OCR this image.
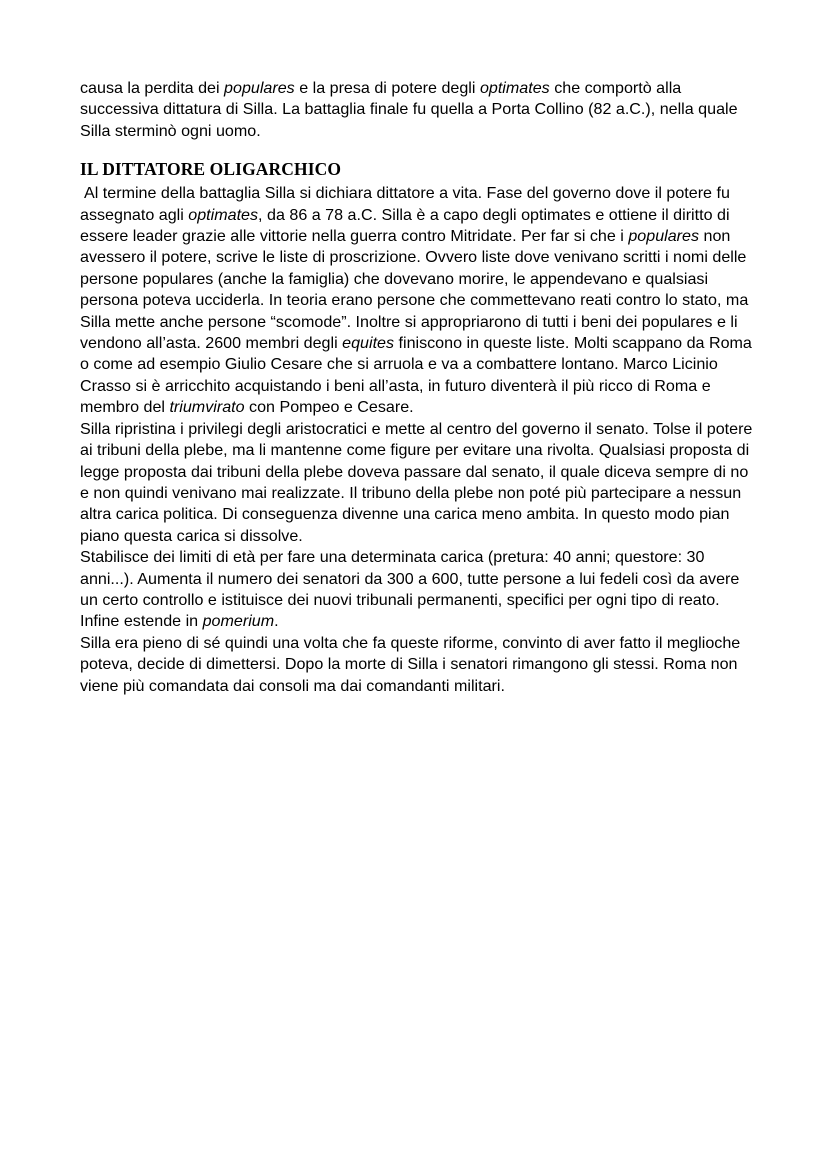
causa la perdita dei populares e la presa di potere degli optimates che comportò alla successiva dittatura di Silla. La battaglia finale fu quella a Porta Collino (82 a.C.), nella quale Silla sterminò ogni uomo.

IL DITTATORE OLIGARCHICO

Al termine della battaglia Silla si dichiara dittatore a vita. Fase del governo dove il potere fu assegnato agli optimates, da 86 a 78 a.C. Silla è a capo degli optimates e ottiene il diritto di essere leader grazie alle vittorie nella guerra contro Mitridate. Per far si che i populares non avessero il potere, scrive le liste di proscrizione. Ovvero liste dove venivano scritti i nomi delle persone populares (anche la famiglia) che dovevano morire, le appendevano e qualsiasi persona poteva ucciderla. In teoria erano persone che commettevano reati contro lo stato, ma Silla mette anche persone “scomode”. Inoltre si appropriarono di tutti i beni dei populares e li vendono all’asta. 2600 membri degli equites finiscono in queste liste. Molti scappano da Roma o come ad esempio Giulio Cesare che si arruola e va a combattere lontano. Marco Licinio Crasso si è arricchito acquistando i beni all’asta, in futuro diventerà il più ricco di Roma e membro del triumvirato con Pompeo e Cesare.

Silla ripristina i privilegi degli aristocratici e mette al centro del governo il senato. Tolse il potere ai tribuni della plebe, ma li mantenne come figure per evitare una rivolta. Qualsiasi proposta di legge proposta dai tribuni della plebe doveva passare dal senato, il quale diceva sempre di no e non quindi venivano mai realizzate. Il tribuno della plebe non poté più partecipare a nessun altra carica politica. Di conseguenza divenne una carica meno ambita. In questo modo pian piano questa carica si dissolve.

Stabilisce dei limiti di età per fare una determinata carica (pretura: 40 anni; questore: 30 anni...). Aumenta il numero dei senatori da 300 a 600, tutte persone a lui fedeli così da avere un certo controllo e istituisce dei nuovi tribunali permanenti, specifici per ogni tipo di reato. Infine estende in pomerium.

Silla era pieno di sé quindi una volta che fa queste riforme, convinto di aver fatto il meglioche poteva, decide di dimettersi. Dopo la morte di Silla i senatori rimangono gli stessi. Roma non viene più comandata dai consoli ma dai comandanti militari.
